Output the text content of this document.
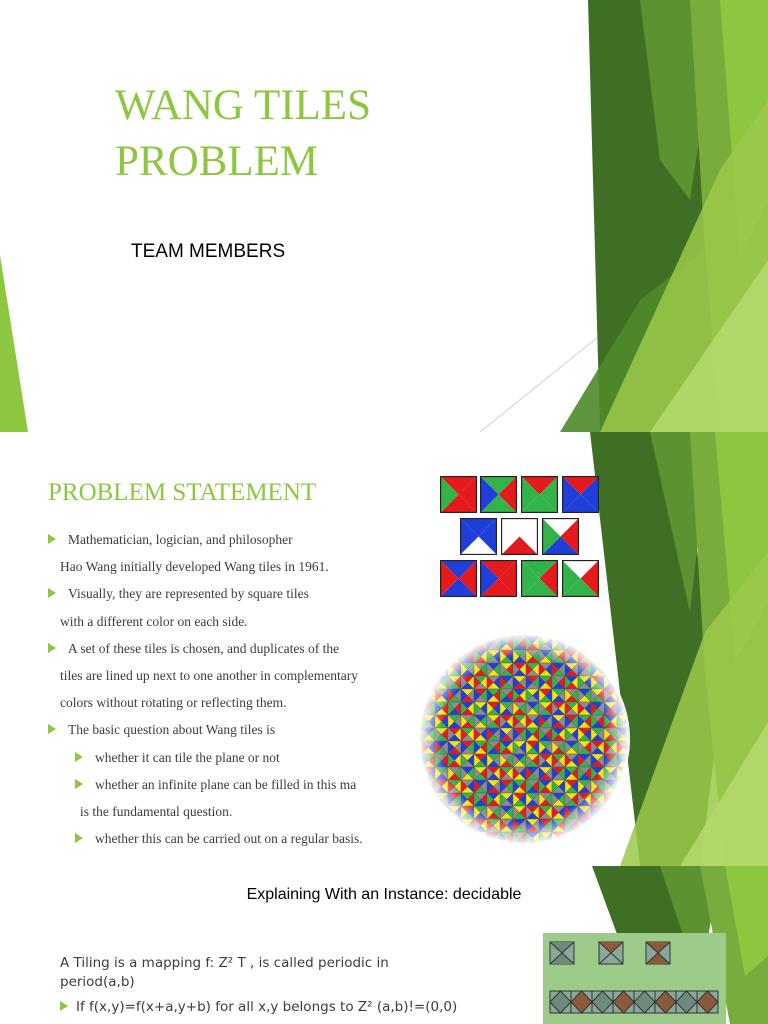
WANG TILES
PROBLEM
TEAM MEMBERS
PROBLEM STATEMENT
Mathematician, logician, and philosopher
Hao Wang initially developed Wang tiles in 1961.
Visually, they are represented by square tiles
with a different color on each side.
A set of these tiles is chosen, and duplicates of the
tiles are lined up next to one another in complementary
colors without rotating or reflecting them.
The basic question about Wang tiles is
whether it can tile the plane or not
whether an infinite plane can be filled in this ma
is the fundamental question.
whether this can be carried out on a regular basis.
Explaining With an Instance: decidable
A Tiling is a mapping f: Z² T , is called periodic in period(a,b)
If f(x,y)=f(x+a,y+b) for all x,y belongs to Z² (a,b)!=(0,0)
